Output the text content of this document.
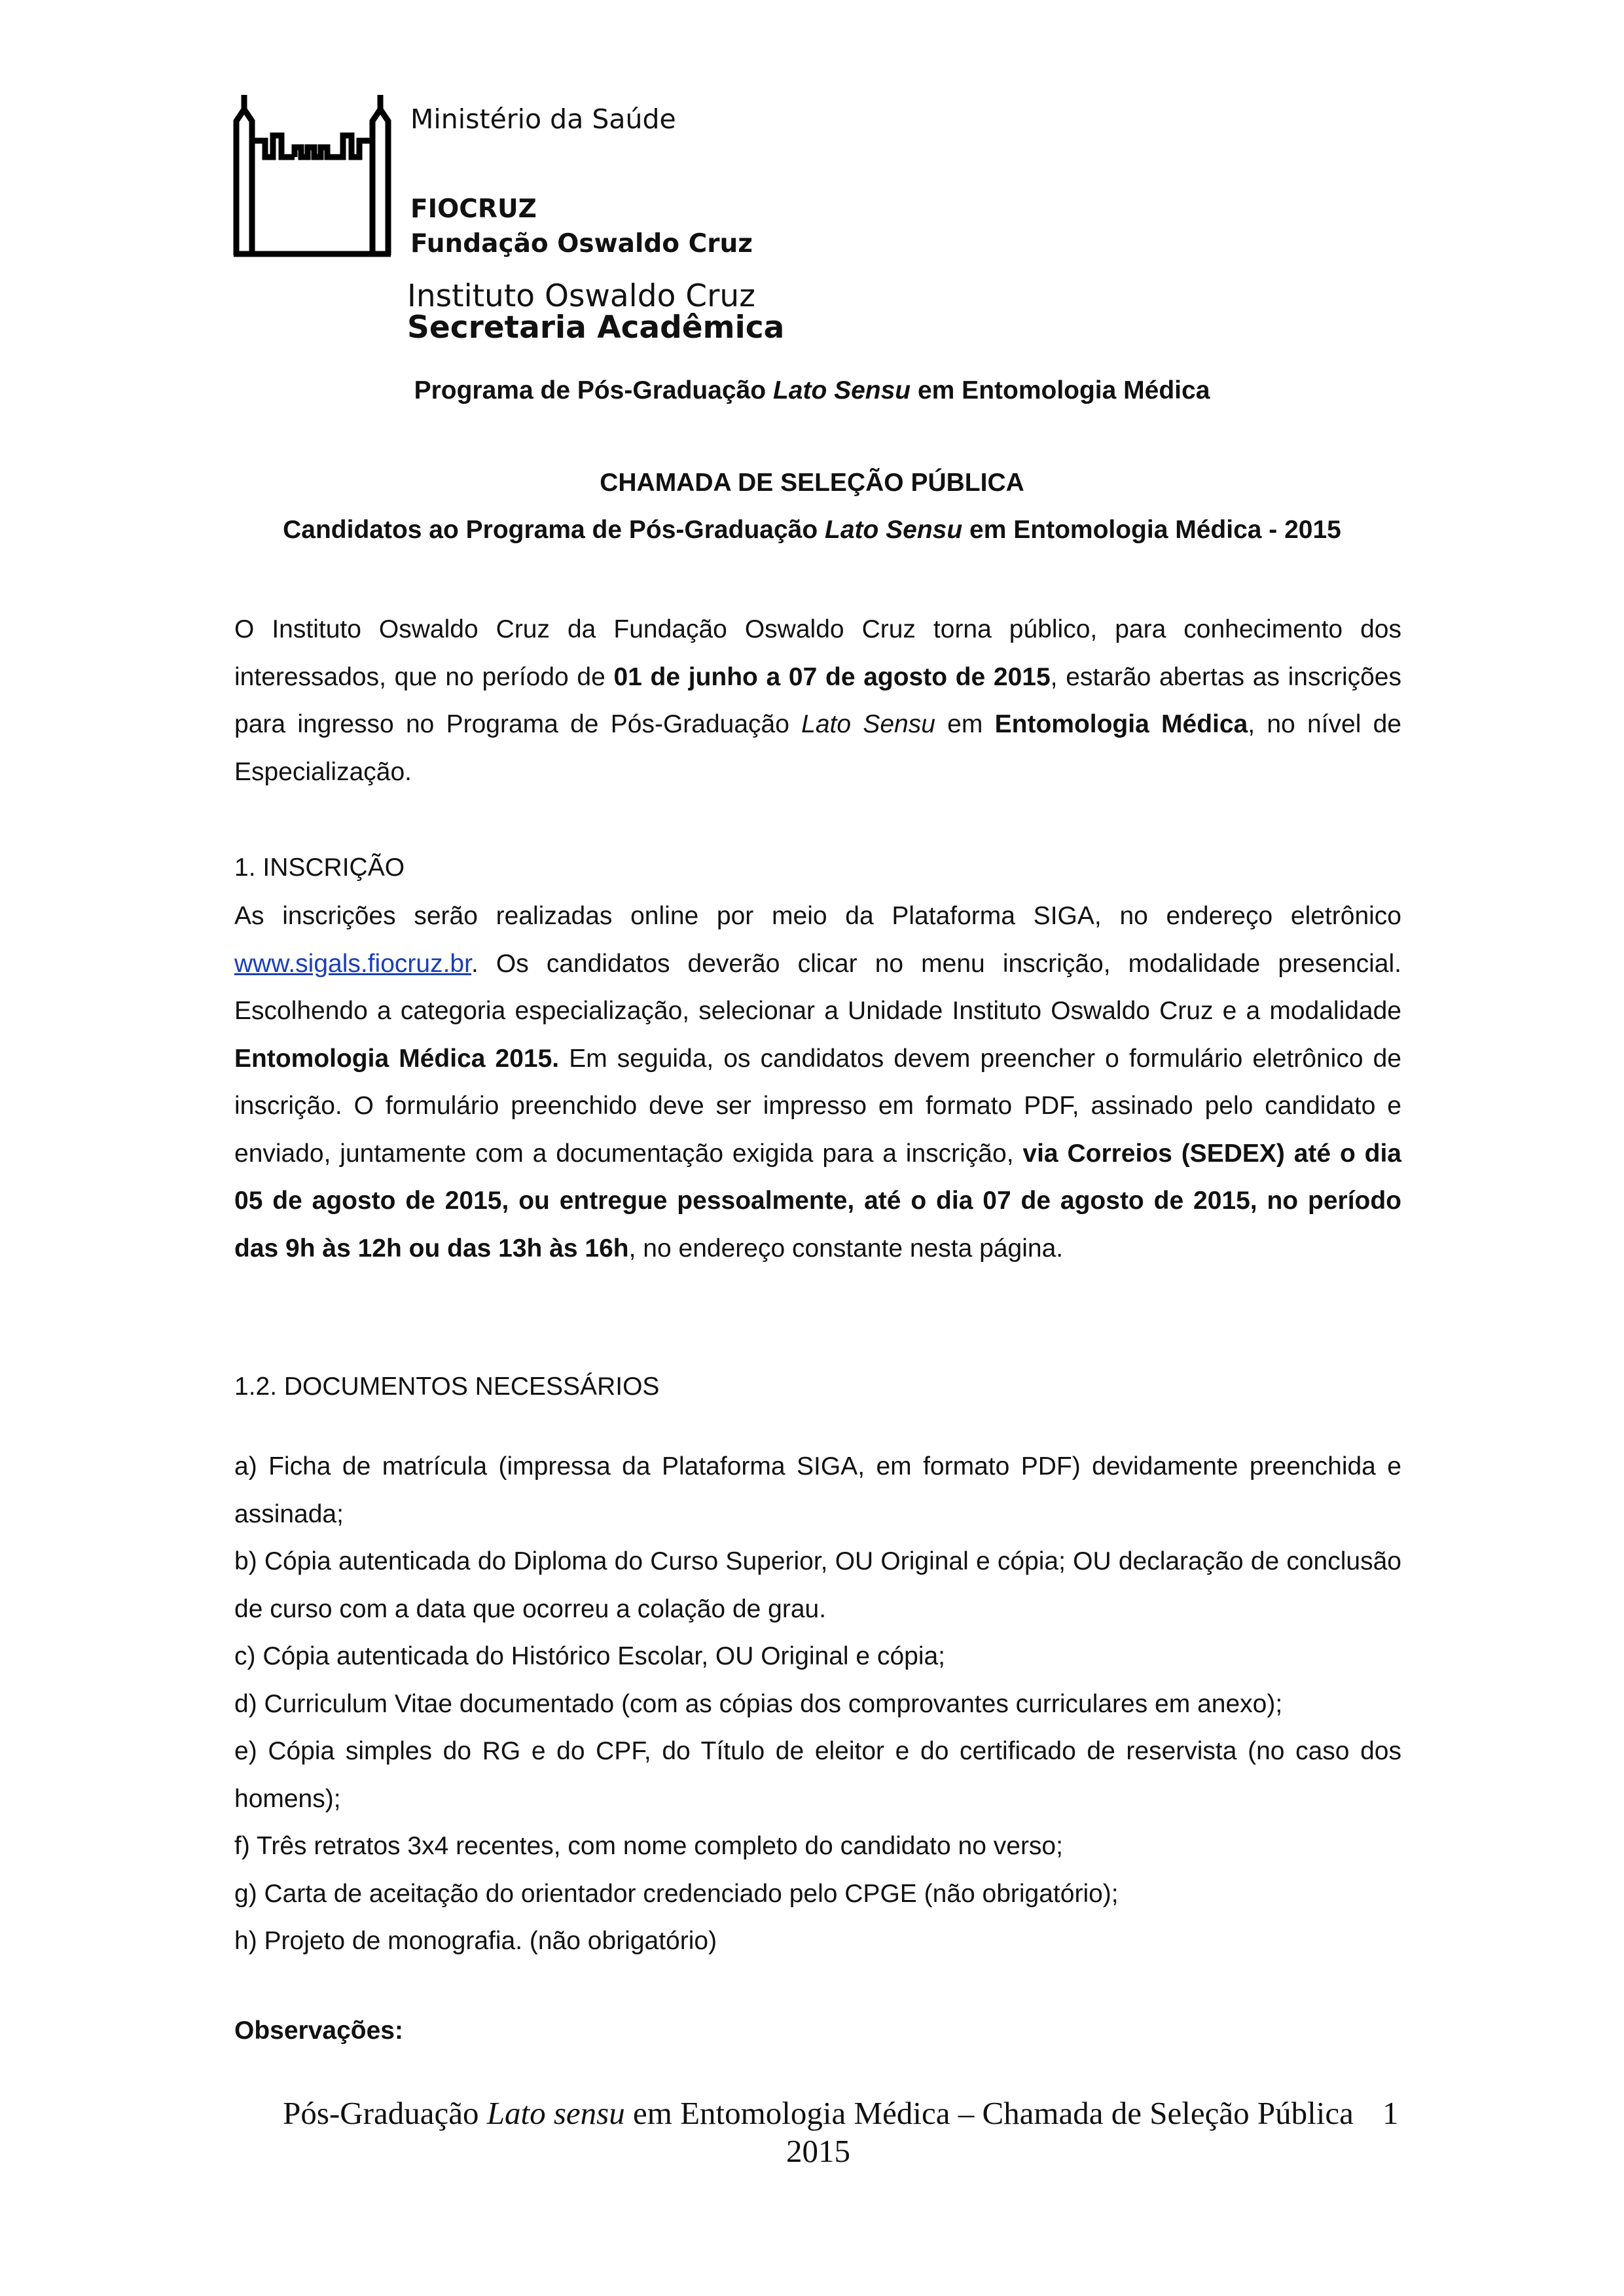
Ministério da Saúde
FIOCRUZ
Fundação Oswaldo Cruz
Instituto Oswaldo Cruz
Secretaria Acadêmica
Programa de Pós-Graduação Lato Sensu em Entomologia Médica
CHAMADA DE SELEÇÃO PÚBLICA
Candidatos ao Programa de Pós-Graduação Lato Sensu em Entomologia Médica - 2015

O Instituto Oswaldo Cruz da Fundação Oswaldo Cruz torna público, para conhecimento dos interessados, que no período de 01 de junho a 07 de agosto de 2015, estarão abertas as inscrições para ingresso no Programa de Pós-Graduação Lato Sensu em Entomologia Médica, no nível de Especialização.

1. INSCRIÇÃO

As inscrições serão realizadas online por meio da Plataforma SIGA, no endereço eletrônico www.sigals.fiocruz.br. Os candidatos deverão clicar no menu inscrição, modalidade presencial. Escolhendo a categoria especialização, selecionar a Unidade Instituto Oswaldo Cruz e a modalidade Entomologia Médica 2015. Em seguida, os candidatos devem preencher o formulário eletrônico de inscrição. O formulário preenchido deve ser impresso em formato PDF, assinado pelo candidato e enviado, juntamente com a documentação exigida para a inscrição, via Correios (SEDEX) até o dia 05 de agosto de 2015, ou entregue pessoalmente, até o dia 07 de agosto de 2015, no período das 9h às 12h ou das 13h às 16h, no endereço constante nesta página.

1.2. DOCUMENTOS NECESSÁRIOS

a) Ficha de matrícula (impressa da Plataforma SIGA, em formato PDF) devidamente preenchida e assinada;

b) Cópia autenticada do Diploma do Curso Superior, OU Original e cópia; OU declaração de conclusão de curso com a data que ocorreu a colação de grau.

c) Cópia autenticada do Histórico Escolar, OU Original e cópia;

d) Curriculum Vitae documentado (com as cópias dos comprovantes curriculares em anexo);

e) Cópia simples do RG e do CPF, do Título de eleitor e do certificado de reservista (no caso dos homens);

f) Três retratos 3x4 recentes, com nome completo do candidato no verso;

g) Carta de aceitação do orientador credenciado pelo CPGE (não obrigatório);

h) Projeto de monografia. (não obrigatório)

Observações:
Pós-Graduação Lato sensu em Entomologia Médica – Chamada de Seleção Pública
2015
1
